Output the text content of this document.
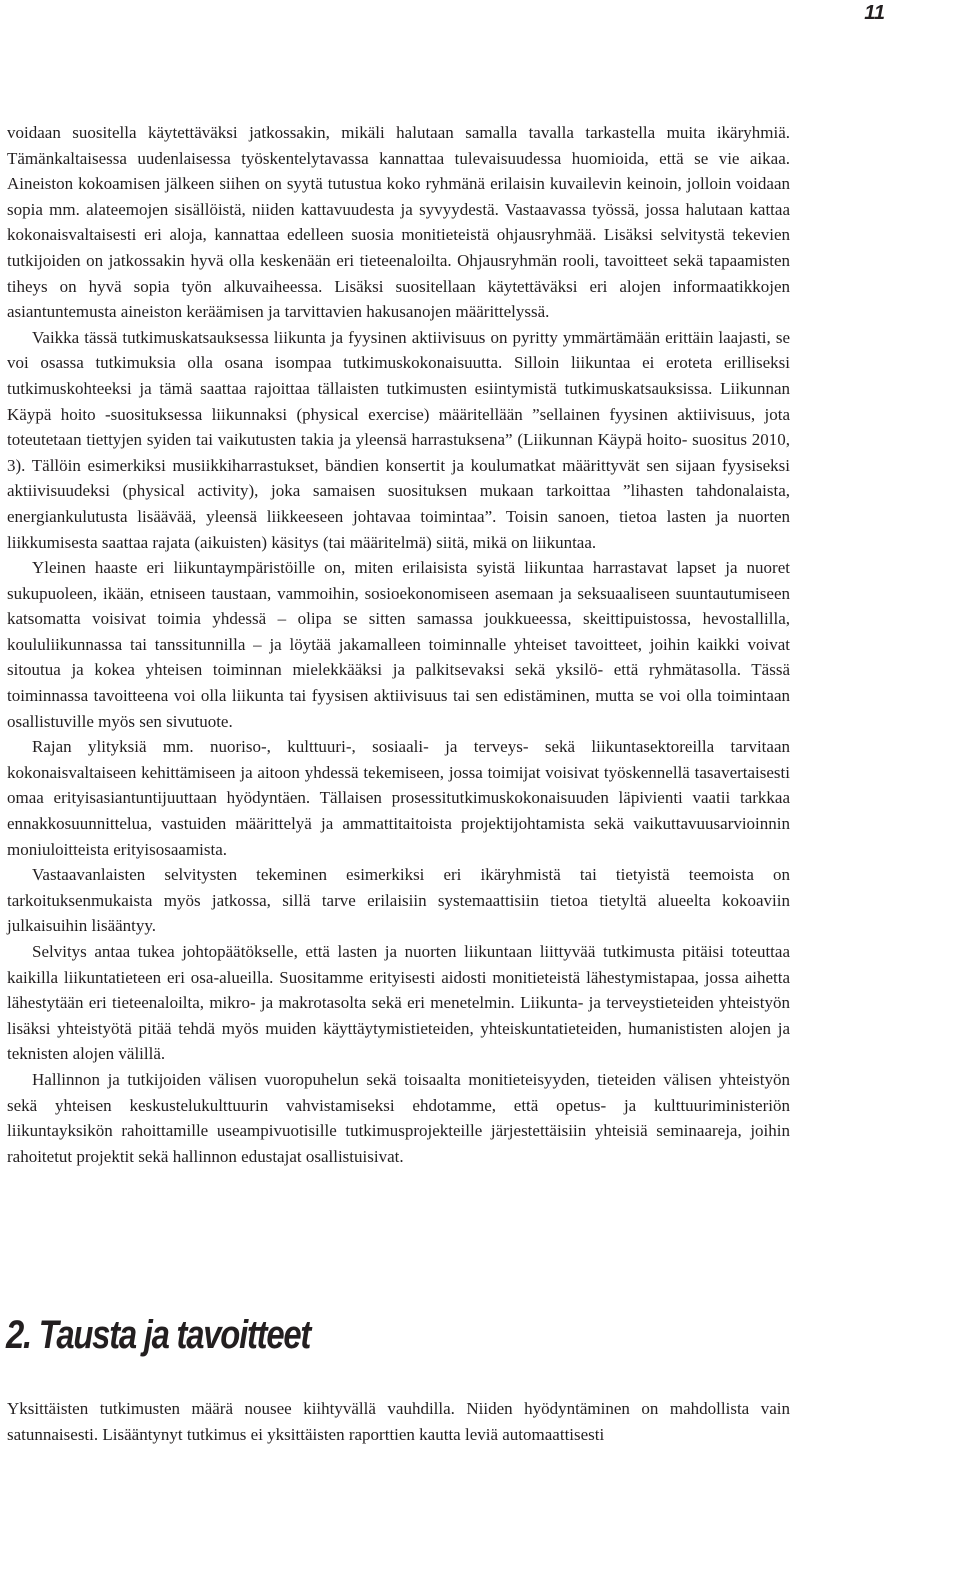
11

voidaan suositella käytettäväksi jatkossakin, mikäli halutaan samalla tavalla tarkastella muita ikäryhmiä. Tämänkaltaisessa uudenlaisessa työskentelytavassa kannattaa tulevaisuudessa huomioida, että se vie aikaa. Aineiston kokoamisen jälkeen siihen on syytä tutustua koko ryhmänä erilaisin kuvailevin keinoin, jolloin voidaan sopia mm. alateemojen sisällöistä, niiden kattavuudesta ja syvyydestä. Vastaavassa työssä, jossa halutaan kattaa kokonaisvaltaisesti eri aloja, kannattaa edelleen suosia monitieteistä ohjausryhmää. Lisäksi selvitystä tekevien tutkijoiden on jatkossakin hyvä olla keskenään eri tieteenaloilta. Ohjausryhmän rooli, tavoitteet sekä tapaamisten tiheys on hyvä sopia työn alkuvaiheessa. Lisäksi suositellaan käytettäväksi eri alojen informaatikkojen asiantuntemusta aineiston keräämisen ja tarvittavien hakusanojen määrittelyssä.

Vaikka tässä tutkimuskatsauksessa liikunta ja fyysinen aktiivisuus on pyritty ymmärtämään erittäin laajasti, se voi osassa tutkimuksia olla osana isompaa tutkimuskokonaisuutta. Silloin liikuntaa ei eroteta erilliseksi tutkimuskohteeksi ja tämä saattaa rajoittaa tällaisten tutkimusten esiintymistä tutkimuskatsauksissa. Liikunnan Käypä hoito -suosituksessa liikunnaksi (physical exercise) määritellään ”sellainen fyysinen aktiivisuus, jota toteutetaan tiettyjen syiden tai vaikutusten takia ja yleensä harrastuksena” (Liikunnan Käypä hoito- suositus 2010, 3). Tällöin esimerkiksi musiikkiharrastukset, bändien konsertit ja koulumatkat määrittyvät sen sijaan fyysiseksi aktiivisuudeksi (physical activity), joka samaisen suosituksen mukaan tarkoittaa ”lihasten tahdonalaista, energiankulutusta lisäävää, yleensä liikkeeseen johtavaa toimintaa”. Toisin sanoen, tietoa lasten ja nuorten liikkumisesta saattaa rajata (aikuisten) käsitys (tai määritelmä) siitä, mikä on liikuntaa.

Yleinen haaste eri liikuntaympäristöille on, miten erilaisista syistä liikuntaa harrastavat lapset ja nuoret sukupuoleen, ikään, etniseen taustaan, vammoihin, sosioekonomiseen asemaan ja seksuaaliseen suuntautumiseen katsomatta voisivat toimia yhdessä – olipa se sitten samassa joukkueessa, skeittipuistossa, hevostallilla, koululiikunnassa tai tanssitunnilla – ja löytää jakamalleen toiminnalle yhteiset tavoitteet, joihin kaikki voivat sitoutua ja kokea yhteisen toiminnan mielekkääksi ja palkitsevaksi sekä yksilö- että ryhmätasolla. Tässä toiminnassa tavoitteena voi olla liikunta tai fyysisen aktiivisuus tai sen edistäminen, mutta se voi olla toimintaan osallistuville myös sen sivutuote.

Rajan ylityksiä mm. nuoriso-, kulttuuri-, sosiaali- ja terveys- sekä liikuntasektoreilla tarvitaan kokonaisvaltaiseen kehittämiseen ja aitoon yhdessä tekemiseen, jossa toimijat voisivat työskennellä tasavertaisesti omaa erityisasiantuntijuuttaan hyödyntäen. Tällaisen prosessitutkimuskokonaisuuden läpivienti vaatii tarkkaa ennakkosuunnittelua, vastuiden määrittelyä ja ammattitaitoista projektijohtamista sekä vaikuttavuusarvioinnin moniuloitteista erityisosaamista.

Vastaavanlaisten selvitysten tekeminen esimerkiksi eri ikäryhmistä tai tietyistä teemoista on tarkoituksenmukaista myös jatkossa, sillä tarve erilaisiin systemaattisiin tietoa tietyltä alueelta kokoaviin julkaisuihin lisääntyy.

Selvitys antaa tukea johtopäätökselle, että lasten ja nuorten liikuntaan liittyvää tutkimusta pitäisi toteuttaa kaikilla liikuntatieteen eri osa-alueilla. Suositamme erityisesti aidosti monitieteistä lähestymistapaa, jossa aihetta lähestytään eri tieteenaloilta, mikro- ja makrotasolta sekä eri menetelmin. Liikunta- ja terveystieteiden yhteistyön lisäksi yhteistyötä pitää tehdä myös muiden käyttäytymistieteiden, yhteiskuntatieteiden, humanististen alojen ja teknisten alojen välillä.

Hallinnon ja tutkijoiden välisen vuoropuhelun sekä toisaalta monitieteisyyden, tieteiden välisen yhteistyön sekä yhteisen keskustelukulttuurin vahvistamiseksi ehdotamme, että opetus- ja kulttuuriministeriön liikuntayksikön rahoittamille useampivuotisille tutkimusprojekteille järjestettäisiin yhteisiä seminaareja, joihin rahoitetut projektit sekä hallinnon edustajat osallistuisivat.

2. Tausta ja tavoitteet

Yksittäisten tutkimusten määrä nousee kiihtyvällä vauhdilla. Niiden hyödyntäminen on mahdollista vain satunnaisesti. Lisääntynyt tutkimus ei yksittäisten raporttien kautta leviä automaattisesti
